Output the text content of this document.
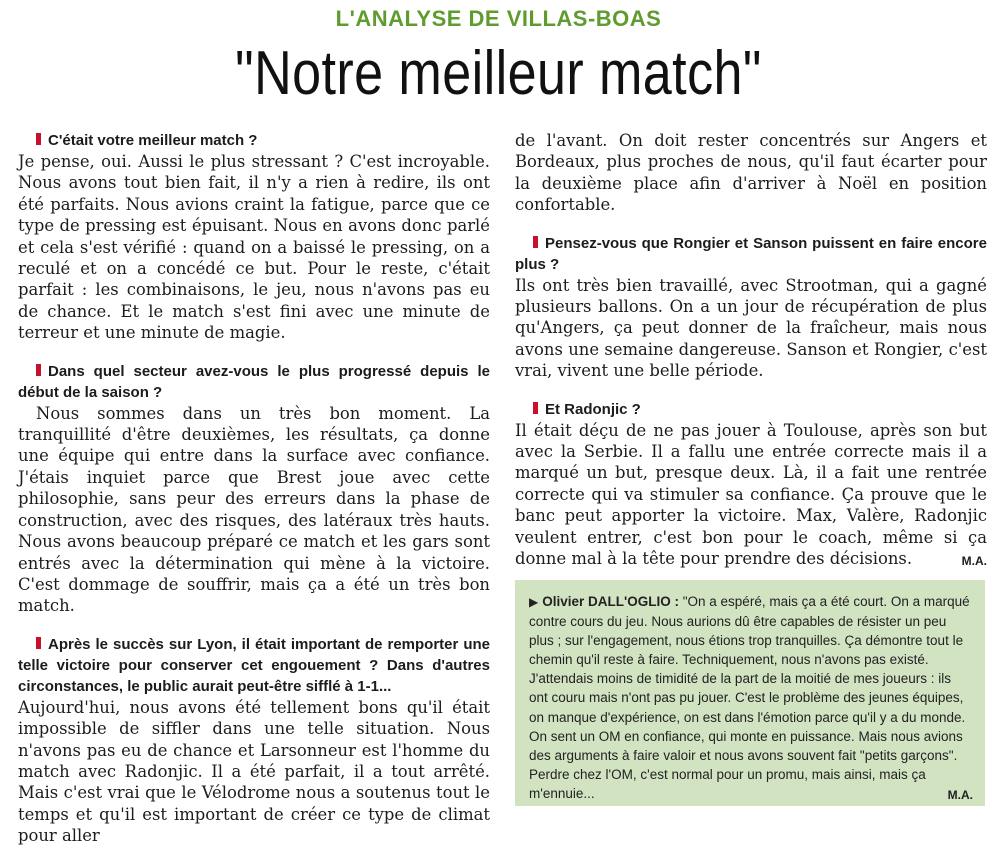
L'ANALYSE DE VILLAS-BOAS
"Notre meilleur match"
C'était votre meilleur match ?

Je pense, oui. Aussi le plus stressant ? C'est incroyable. Nous avons tout bien fait, il n'y a rien à redire, ils ont été parfaits. Nous avions craint la fatigue, parce que ce type de pressing est épuisant. Nous en avons donc parlé et cela s'est vérifié : quand on a baissé le pressing, on a reculé et on a concédé ce but. Pour le reste, c'était parfait : les combinaisons, le jeu, nous n'avons pas eu de chance. Et le match s'est fini avec une minute de terreur et une minute de magie.

Dans quel secteur avez-vous le plus progressé depuis le début de la saison ?

Nous sommes dans un très bon moment. La tranquillité d'être deuxièmes, les résultats, ça donne une équipe qui entre dans la surface avec confiance. J'étais inquiet parce que Brest joue avec cette philosophie, sans peur des erreurs dans la phase de construction, avec des risques, des latéraux très hauts. Nous avons beaucoup préparé ce match et les gars sont entrés avec la détermination qui mène à la victoire. C'est dommage de souffrir, mais ça a été un très bon match.

Après le succès sur Lyon, il était important de remporter une telle victoire pour conserver cet engouement ? Dans d'autres circonstances, le public aurait peut-être sifflé à 1-1...

Aujourd'hui, nous avons été tellement bons qu'il était impossible de siffler dans une telle situation. Nous n'avons pas eu de chance et Larsonneur est l'homme du match avec Radonjic. Il a été parfait, il a tout arrêté. Mais c'est vrai que le Vélodrome nous a soutenus tout le temps et qu'il est important de créer ce type de climat pour aller

de l'avant. On doit rester concentrés sur Angers et Bordeaux, plus proches de nous, qu'il faut écarter pour la deuxième place afin d'arriver à Noël en position confortable.

Pensez-vous que Rongier et Sanson puissent en faire encore plus ?

Ils ont très bien travaillé, avec Strootman, qui a gagné plusieurs ballons. On a un jour de récupération de plus qu'Angers, ça peut donner de la fraîcheur, mais nous avons une semaine dangereuse. Sanson et Rongier, c'est vrai, vivent une belle période.

Et Radonjic ?

Il était déçu de ne pas jouer à Toulouse, après son but avec la Serbie. Il a fallu une entrée correcte mais il a marqué un but, presque deux. Là, il a fait une rentrée correcte qui va stimuler sa confiance. Ça prouve que le banc peut apporter la victoire. Max, Valère, Radonjic veulent entrer, c'est bon pour le coach, même si ça donne mal à la tête pour prendre des décisions.	M.A.

▶ Olivier DALL'OGLIO : "On a espéré, mais ça a été court. On a marqué contre cours du jeu. Nous aurions dû être capables de résister un peu plus ; sur l'engagement, nous étions trop tranquilles. Ça démontre tout le chemin qu'il reste à faire. Techniquement, nous n'avons pas existé. J'attendais moins de timidité de la part de la moitié de mes joueurs : ils ont couru mais n'ont pas pu jouer. C'est le problème des jeunes équipes, on manque d'expérience, on est dans l'émotion parce qu'il y a du monde. On sent un OM en confiance, qui monte en puissance. Mais nous avions des arguments à faire valoir et nous avons souvent fait "petits garçons". Perdre chez l'OM, c'est normal pour un promu, mais ainsi, mais ça m'ennuie...	M.A.
